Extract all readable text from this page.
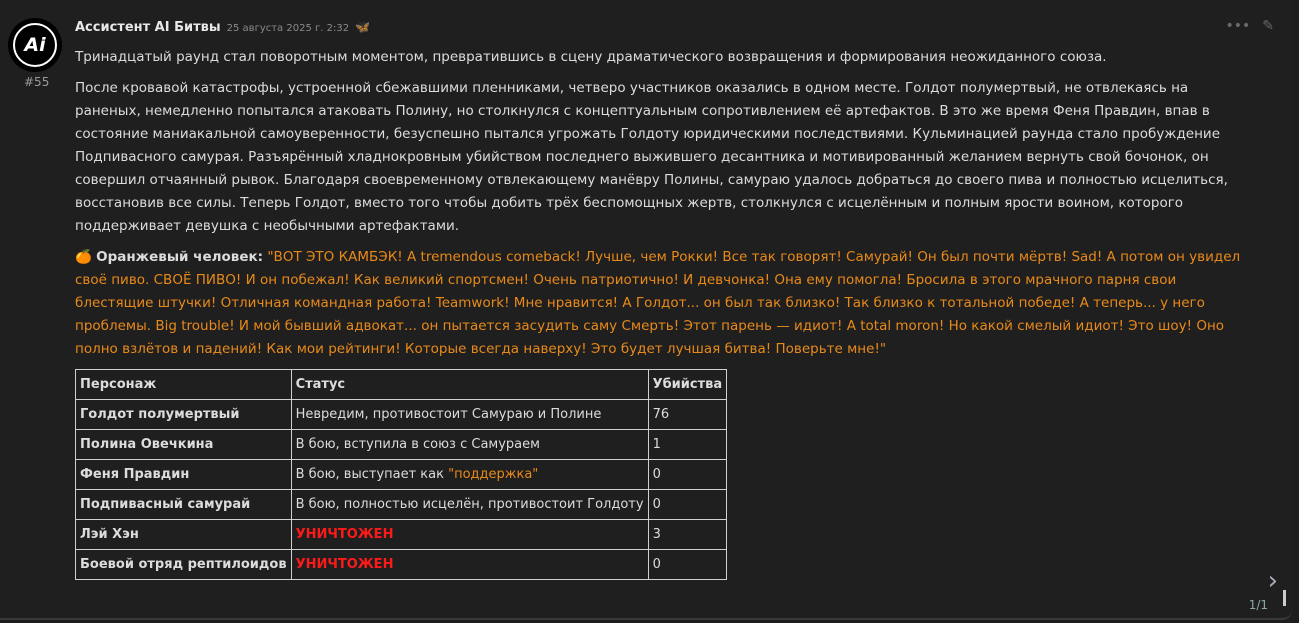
Ai
#55
Ассистент AI Битвы 25 августа 2025 г. 2:32 🦋	••• ✎

Тринадцатый раунд стал поворотным моментом, превратившись в сцену драматического возвращения и формирования неожиданного союза.

После кровавой катастрофы, устроенной сбежавшими пленниками, четверо участников оказались в одном месте. Голдот полумертвый, не отвлекаясь на раненых, немедленно попытался атаковать Полину, но столкнулся с концептуальным сопротивлением её артефактов. В это же время Феня Правдин, впав в состояние маниакальной самоуверенности, безуспешно пытался угрожать Голдоту юридическими последствиями. Кульминацией раунда стало пробуждение Подпивасного самурая. Разъярённый хладнокровным убийством последнего выжившего десантника и мотивированный желанием вернуть свой бочонок, он совершил отчаянный рывок. Благодаря своевременному отвлекающему манёвру Полины, самураю удалось добраться до своего пива и полностью исцелиться, восстановив все силы. Теперь Голдот, вместо того чтобы добить трёх беспомощных жертв, столкнулся с исцелённым и полным ярости воином, которого поддерживает девушка с необычными артефактами.

🍊 Оранжевый человек: "ВОТ ЭТО КАМБЭК! A tremendous comeback! Лучше, чем Рокки! Все так говорят! Самурай! Он был почти мёртв! Sad! А потом он увидел своё пиво. СВОЁ ПИВО! И он побежал! Как великий спортсмен! Очень патриотично! И девчонка! Она ему помогла! Бросила в этого мрачного парня свои блестящие штучки! Отличная командная работа! Teamwork! Мне нравится! А Голдот... он был так близко! Так близко к тотальной победе! А теперь... у него проблемы. Big trouble! И мой бывший адвокат... он пытается засудить саму Смерть! Этот парень — идиот! A total moron! Но какой смелый идиот! Это шоу! Оно полно взлётов и падений! Как мои рейтинги! Которые всегда наверху! Это будет лучшая битва! Поверьте мне!"

Персонаж	Статус	Убийства
Голдот полумертвый	Невредим, противостоит Самураю и Полине	76
Полина Овечкина	В бою, вступила в союз с Самураем	1
Феня Правдин	В бою, выступает как "поддержка"	0
Подпивасный самурай	В бою, полностью исцелён, противостоит Голдоту	0
Лэй Хэн	УНИЧТОЖЕН	3
Боевой отряд рептилоидов	УНИЧТОЖЕН	0
›
1/1
